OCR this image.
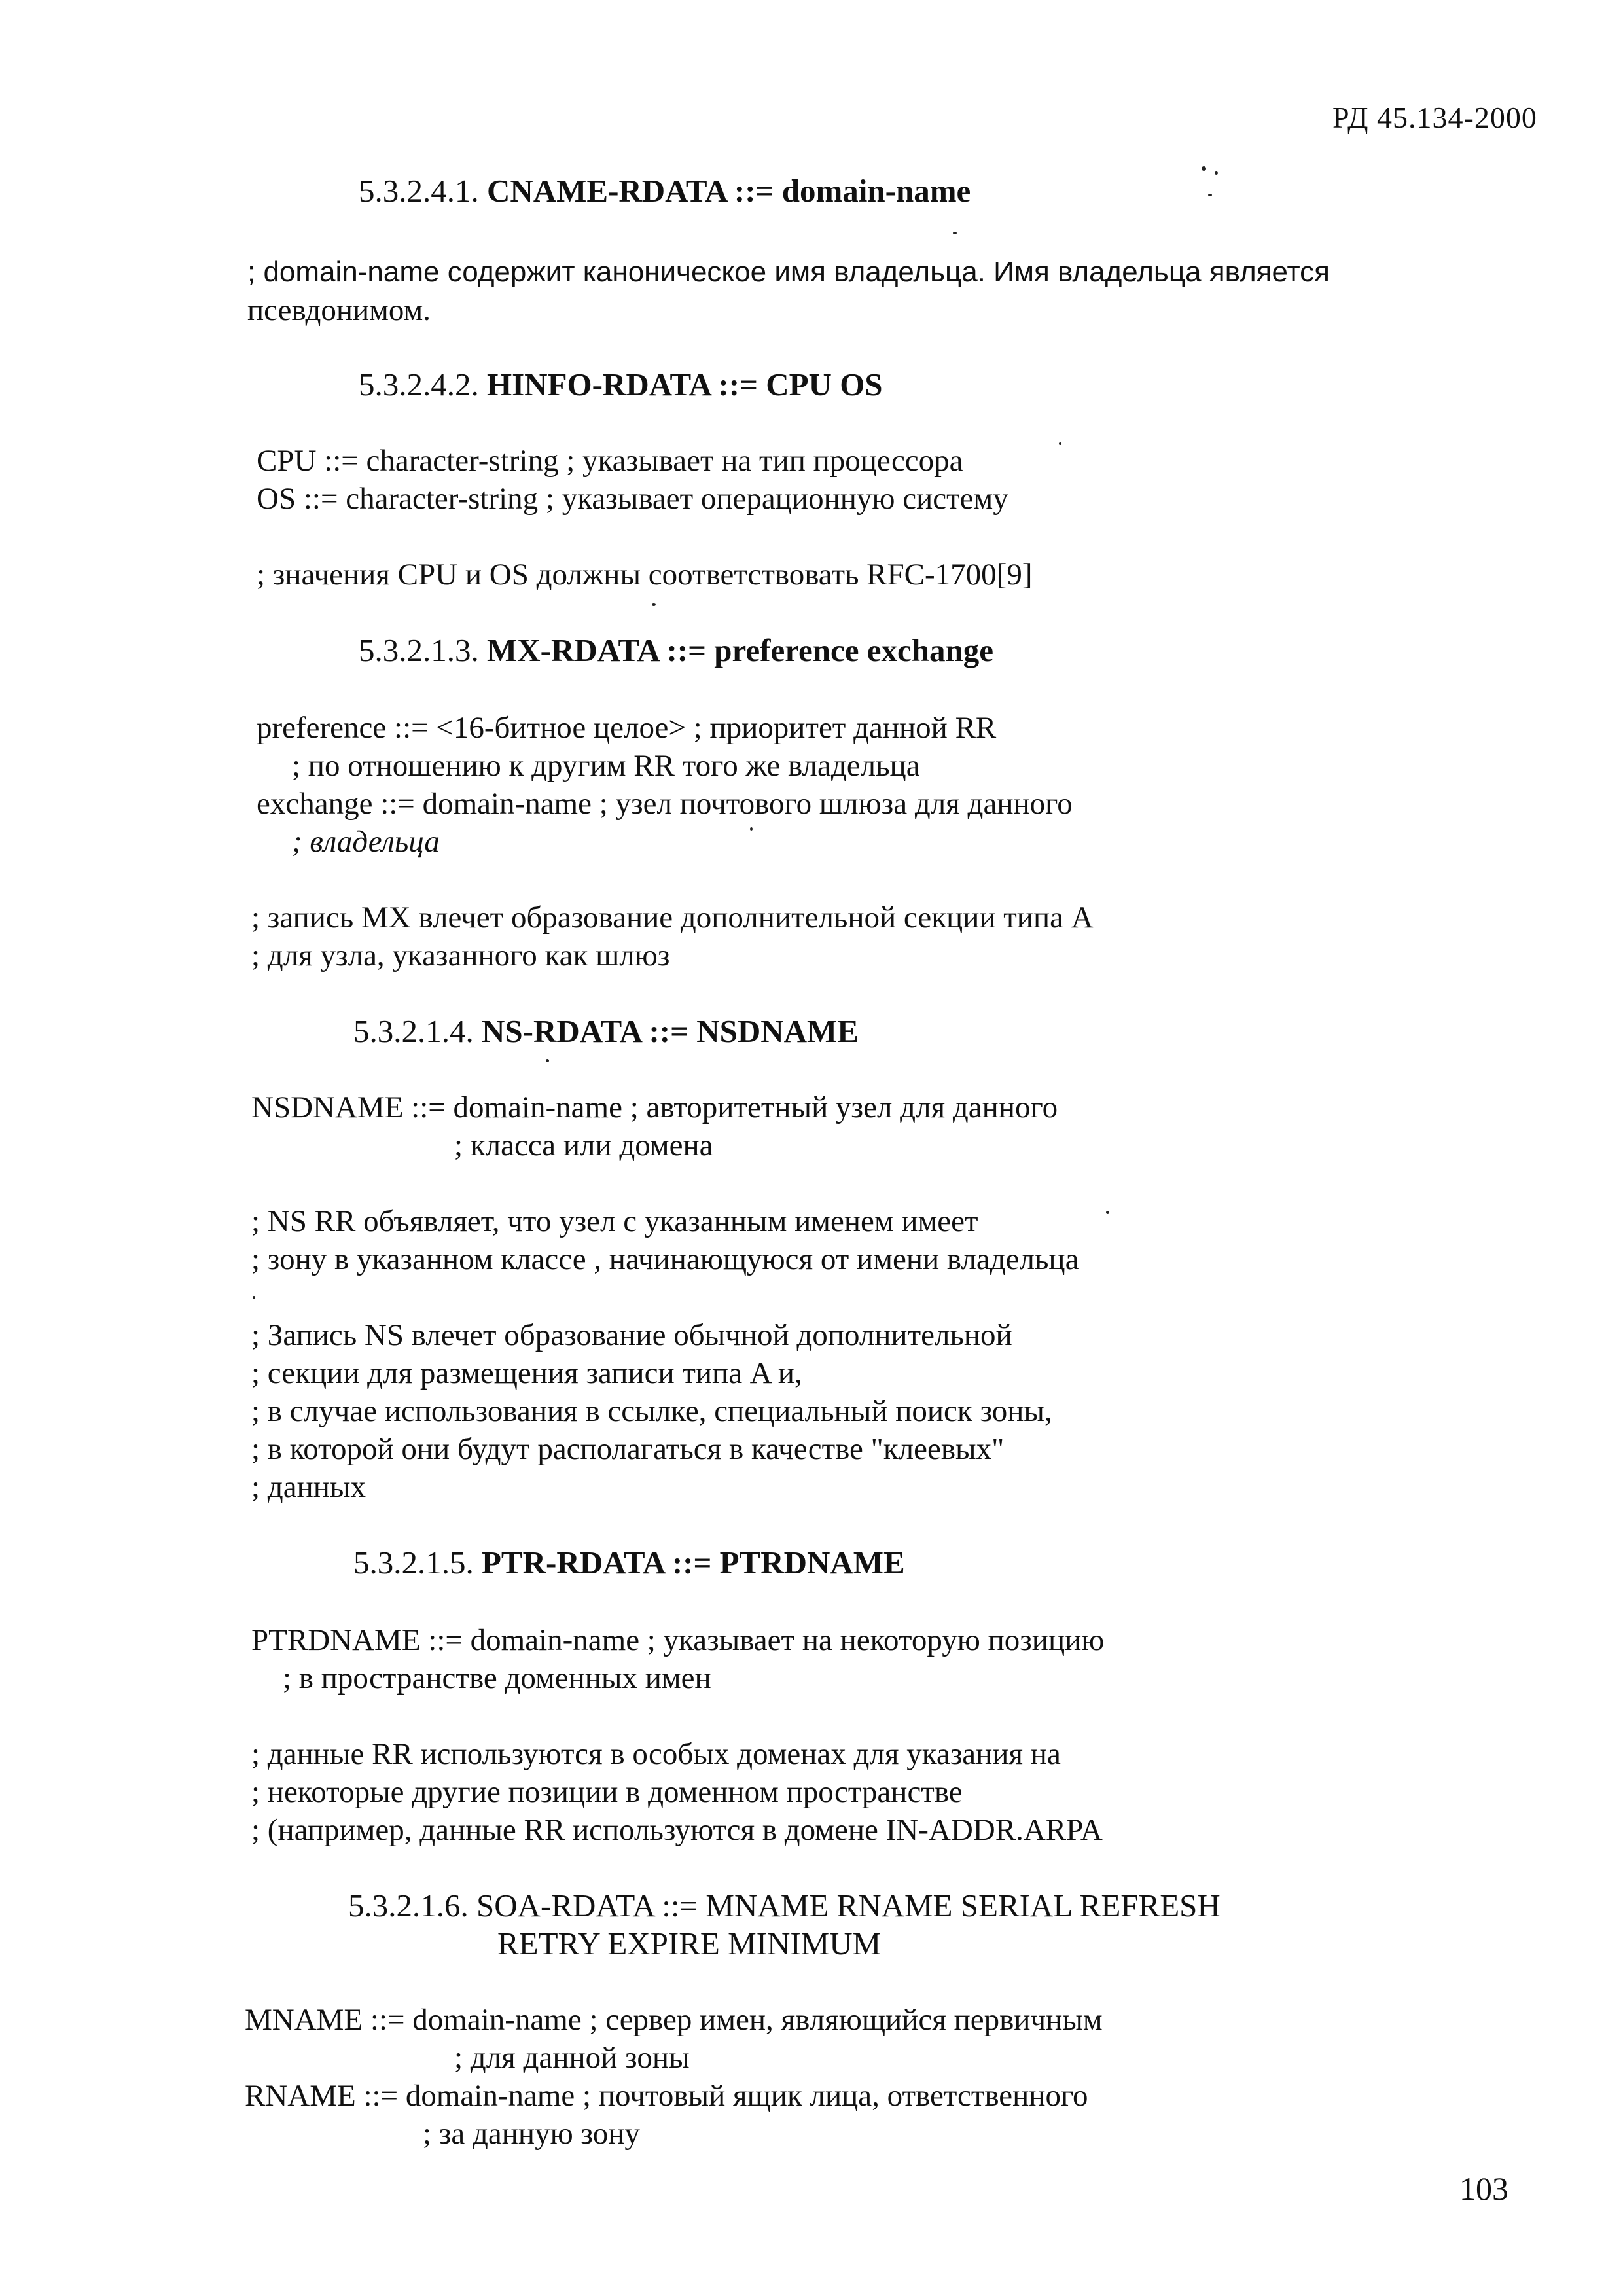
РД 45.134-2000
5.3.2.4.1. CNAME-RDATA ::= domain-name
; domain-name содержит каноническое имя владельца. Имя владельца является
псевдонимом.
5.3.2.4.2. HINFO-RDATA ::= CPU OS
CPU ::= character-string ; указывает на тип процессора
OS ::= character-string ; указывает операционную систему
; значения CPU и OS должны соответствовать RFC-1700[9]
5.3.2.1.3. MX-RDATA ::= preference exchange
preference ::= <16-битное целое> ; приоритет данной RR
; по отношению к другим RR того же владельца
exchange ::= domain-name ; узел почтового шлюза для данного
; владельца
; запись MX влечет образование дополнительной секции типа A
; для узла, указанного как шлюз
5.3.2.1.4. NS-RDATA ::= NSDNAME
NSDNAME ::= domain-name ; авторитетный узел для данного
; класса или домена
; NS RR объявляет, что узел с указанным именем имеет
; зону в указанном классе , начинающуюся от имени владельца
; Запись NS влечет образование обычной дополнительной
; секции для размещения записи типа A и,
; в случае использования в ссылке, специальный поиск зоны,
; в которой они будут располагаться в качестве "клеевых"
; данных
5.3.2.1.5. PTR-RDATA ::= PTRDNAME
PTRDNAME ::= domain-name ; указывает на некоторую позицию
; в пространстве доменных имен
; данные RR используются в особых доменах для указания на
; некоторые другие позиции в доменном пространстве
; (например, данные RR используются в домене IN-ADDR.ARPA
5.3.2.1.6. SOA-RDATA ::= MNAME RNAME SERIAL REFRESH
RETRY EXPIRE MINIMUM
MNAME ::= domain-name ; сервер имен, являющийся первичным
; для данной зоны
RNAME ::= domain-name ; почтовый ящик лица, ответственного
; за данную зону
103
